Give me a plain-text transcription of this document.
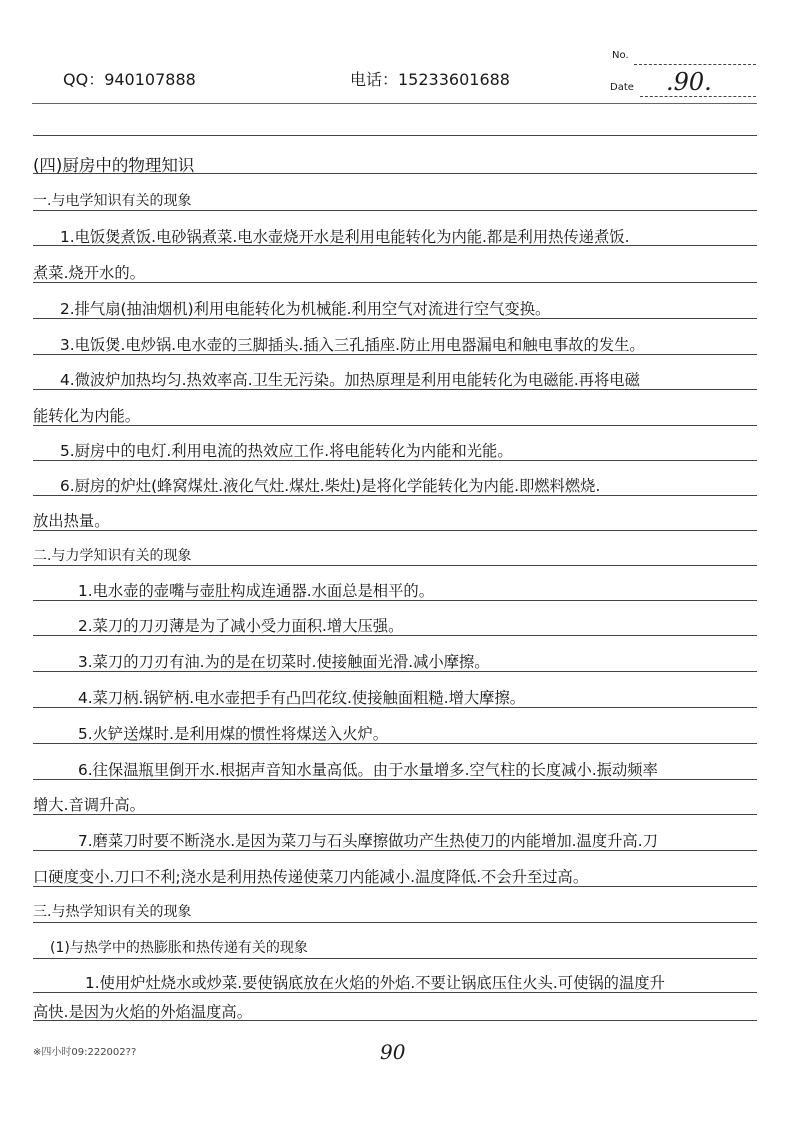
QQ：940107888	电话：15233601688
No.
Date .90.
(四)厨房中的物理知识
一.与电学知识有关的现象
1.电饭煲煮饭.电砂锅煮菜.电水壶烧开水是利用电能转化为内能.都是利用热传递煮饭.
煮菜.烧开水的。
2.排气扇(抽油烟机)利用电能转化为机械能.利用空气对流进行空气变换。
3.电饭煲.电炒锅.电水壶的三脚插头.插入三孔插座.防止用电器漏电和触电事故的发生。
4.微波炉加热均匀.热效率高.卫生无污染。加热原理是利用电能转化为电磁能.再将电磁
能转化为内能。
5.厨房中的电灯.利用电流的热效应工作.将电能转化为内能和光能。
6.厨房的炉灶(蜂窝煤灶.液化气灶.煤灶.柴灶)是将化学能转化为内能.即燃料燃烧.
放出热量。
二.与力学知识有关的现象
1.电水壶的壶嘴与壶肚构成连通器.水面总是相平的。
2.菜刀的刀刃薄是为了减小受力面积.增大压强。
3.菜刀的刀刃有油.为的是在切菜时.使接触面光滑.减小摩擦。
4.菜刀柄.锅铲柄.电水壶把手有凸凹花纹.使接触面粗糙.增大摩擦。
5.火铲送煤时.是利用煤的惯性将煤送入火炉。
6.往保温瓶里倒开水.根据声音知水量高低。由于水量增多.空气柱的长度减小.振动频率
增大.音调升高。
7.磨菜刀时要不断浇水.是因为菜刀与石头摩擦做功产生热使刀的内能增加.温度升高.刀
口硬度变小.刀口不利;浇水是利用热传递使菜刀内能减小.温度降低.不会升至过高。
三.与热学知识有关的现象
(1)与热学中的热膨胀和热传递有关的现象
1.使用炉灶烧水或炒菜.要使锅底放在火焰的外焰.不要让锅底压住火头.可使锅的温度升
高快.是因为火焰的外焰温度高。
※四小时09:222002??	90
